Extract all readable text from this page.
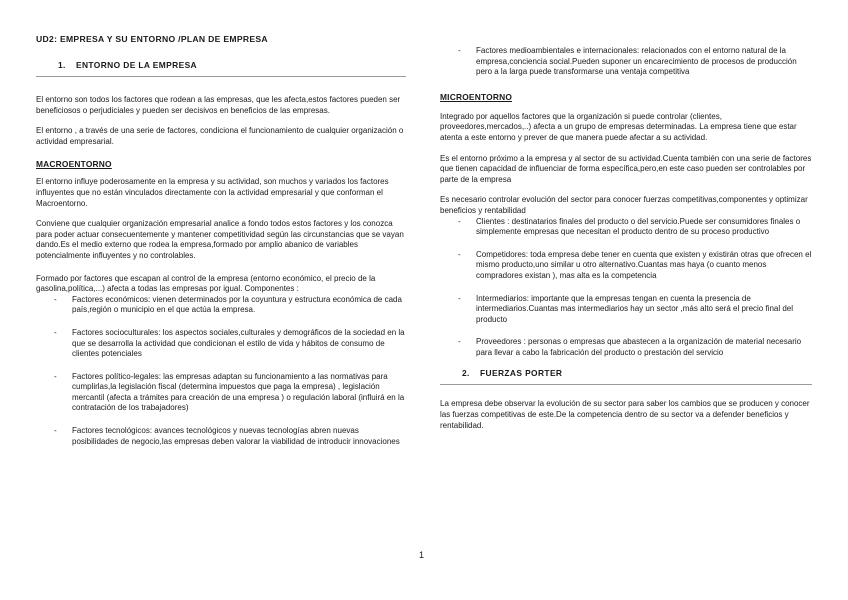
UD2: EMPRESA Y SU ENTORNO /PLAN DE EMPRESA
1.	ENTORNO DE LA EMPRESA

El entorno son todos los factores que rodean a las empresas, que les afecta,estos factores pueden ser beneficiosos o perjudiciales y pueden ser decisivos en beneficios de las empresas.

El entorno , a través de una serie de factores, condiciona el funcionamiento de cualquier organización o actividad empresarial.

MACROENTORNO

El entorno influye poderosamente en la empresa y su actividad, son muchos y variados los factores influyentes que no están vinculados directamente con la actividad empresarial y que conforman el Macroentorno.

Conviene que cualquier organización empresarial analice a fondo todos estos factores y los conozca para poder actuar consecuentemente y mantener competitividad según las circunstancias que se vayan dando.Es el medio externo que rodea la empresa,formado por amplio abanico de variables potencialmente influyentes y no controlables.

Formado por factores que escapan al control de la empresa (entorno económico, el precio de la gasolina,política,...) afecta a todas las empresas por igual. Componentes :

- Factores económicos: vienen determinados por la coyuntura y estructura económica de cada país,región o municipio en el que actúa la empresa.
- Factores socioculturales: los aspectos sociales,culturales y demográficos de la sociedad en la que se desarrolla la actividad que condicionan el estilo de vida y hábitos de consumo de clientes potenciales
- Factores político-legales: las empresas adaptan su funcionamiento a las normativas para cumplirlas,la legislación fiscal (determina impuestos que paga la empresa) , legislación mercantil (afecta a trámites para creación de una empresa ) o regulación laboral (influirá en la contratación de los trabajadores)
- Factores tecnológicos: avances tecnológicos y nuevas tecnologías abren nuevas posibilidades de negocio,las empresas deben valorar la viabilidad de introducir innovaciones
- Factores medioambientales e internacionales: relacionados con el entorno natural de la empresa,conciencia social.Pueden suponer un encarecimiento de procesos de producción pero a la larga puede transformarse una ventaja competitiva
MICROENTORNO

Integrado por aquellos factores que la organización si puede controlar (clientes, proveedores,mercados,..) afecta a un grupo de empresas determinadas. La empresa tiene que estar atenta a este entorno y prever de que manera puede afectar a su actividad.

Es el entorno próximo a la empresa y al sector de su actividad.Cuenta también con una serie de factores que tienen capacidad de influenciar de forma específica,pero,en este caso pueden ser controlables por parte de la empresa

Es necesario controlar evolución del sector para conocer fuerzas competitivas,componentes y optimizar beneficios y rentabilidad

- Clientes : destinatarios finales del producto o del servicio.Puede ser consumidores finales o simplemente empresas que necesitan el producto dentro de su proceso productivo
- Competidores: toda empresa debe tener en cuenta que existen y existirán otras que ofrecen el mismo producto,uno similar u otro alternativo.Cuantas mas haya (o cuanto menos compradores existan ), mas alta es la competencia
- Intermediarios: importante que la empresas tengan en cuenta la presencia de intermediarios.Cuantas mas intermediarios hay un sector ,más alto será el precio final del producto
- Proveedores : personas o empresas que abastecen a la organización de material necesario para llevar a cabo la fabricación del producto o prestación del servicio
2.	FUERZAS PORTER

La empresa debe observar la evolución de su sector para saber los cambios que se producen y conocer las fuerzas competitivas de este.De la competencia dentro de su sector va a defender beneficios y rentabilidad.

1
